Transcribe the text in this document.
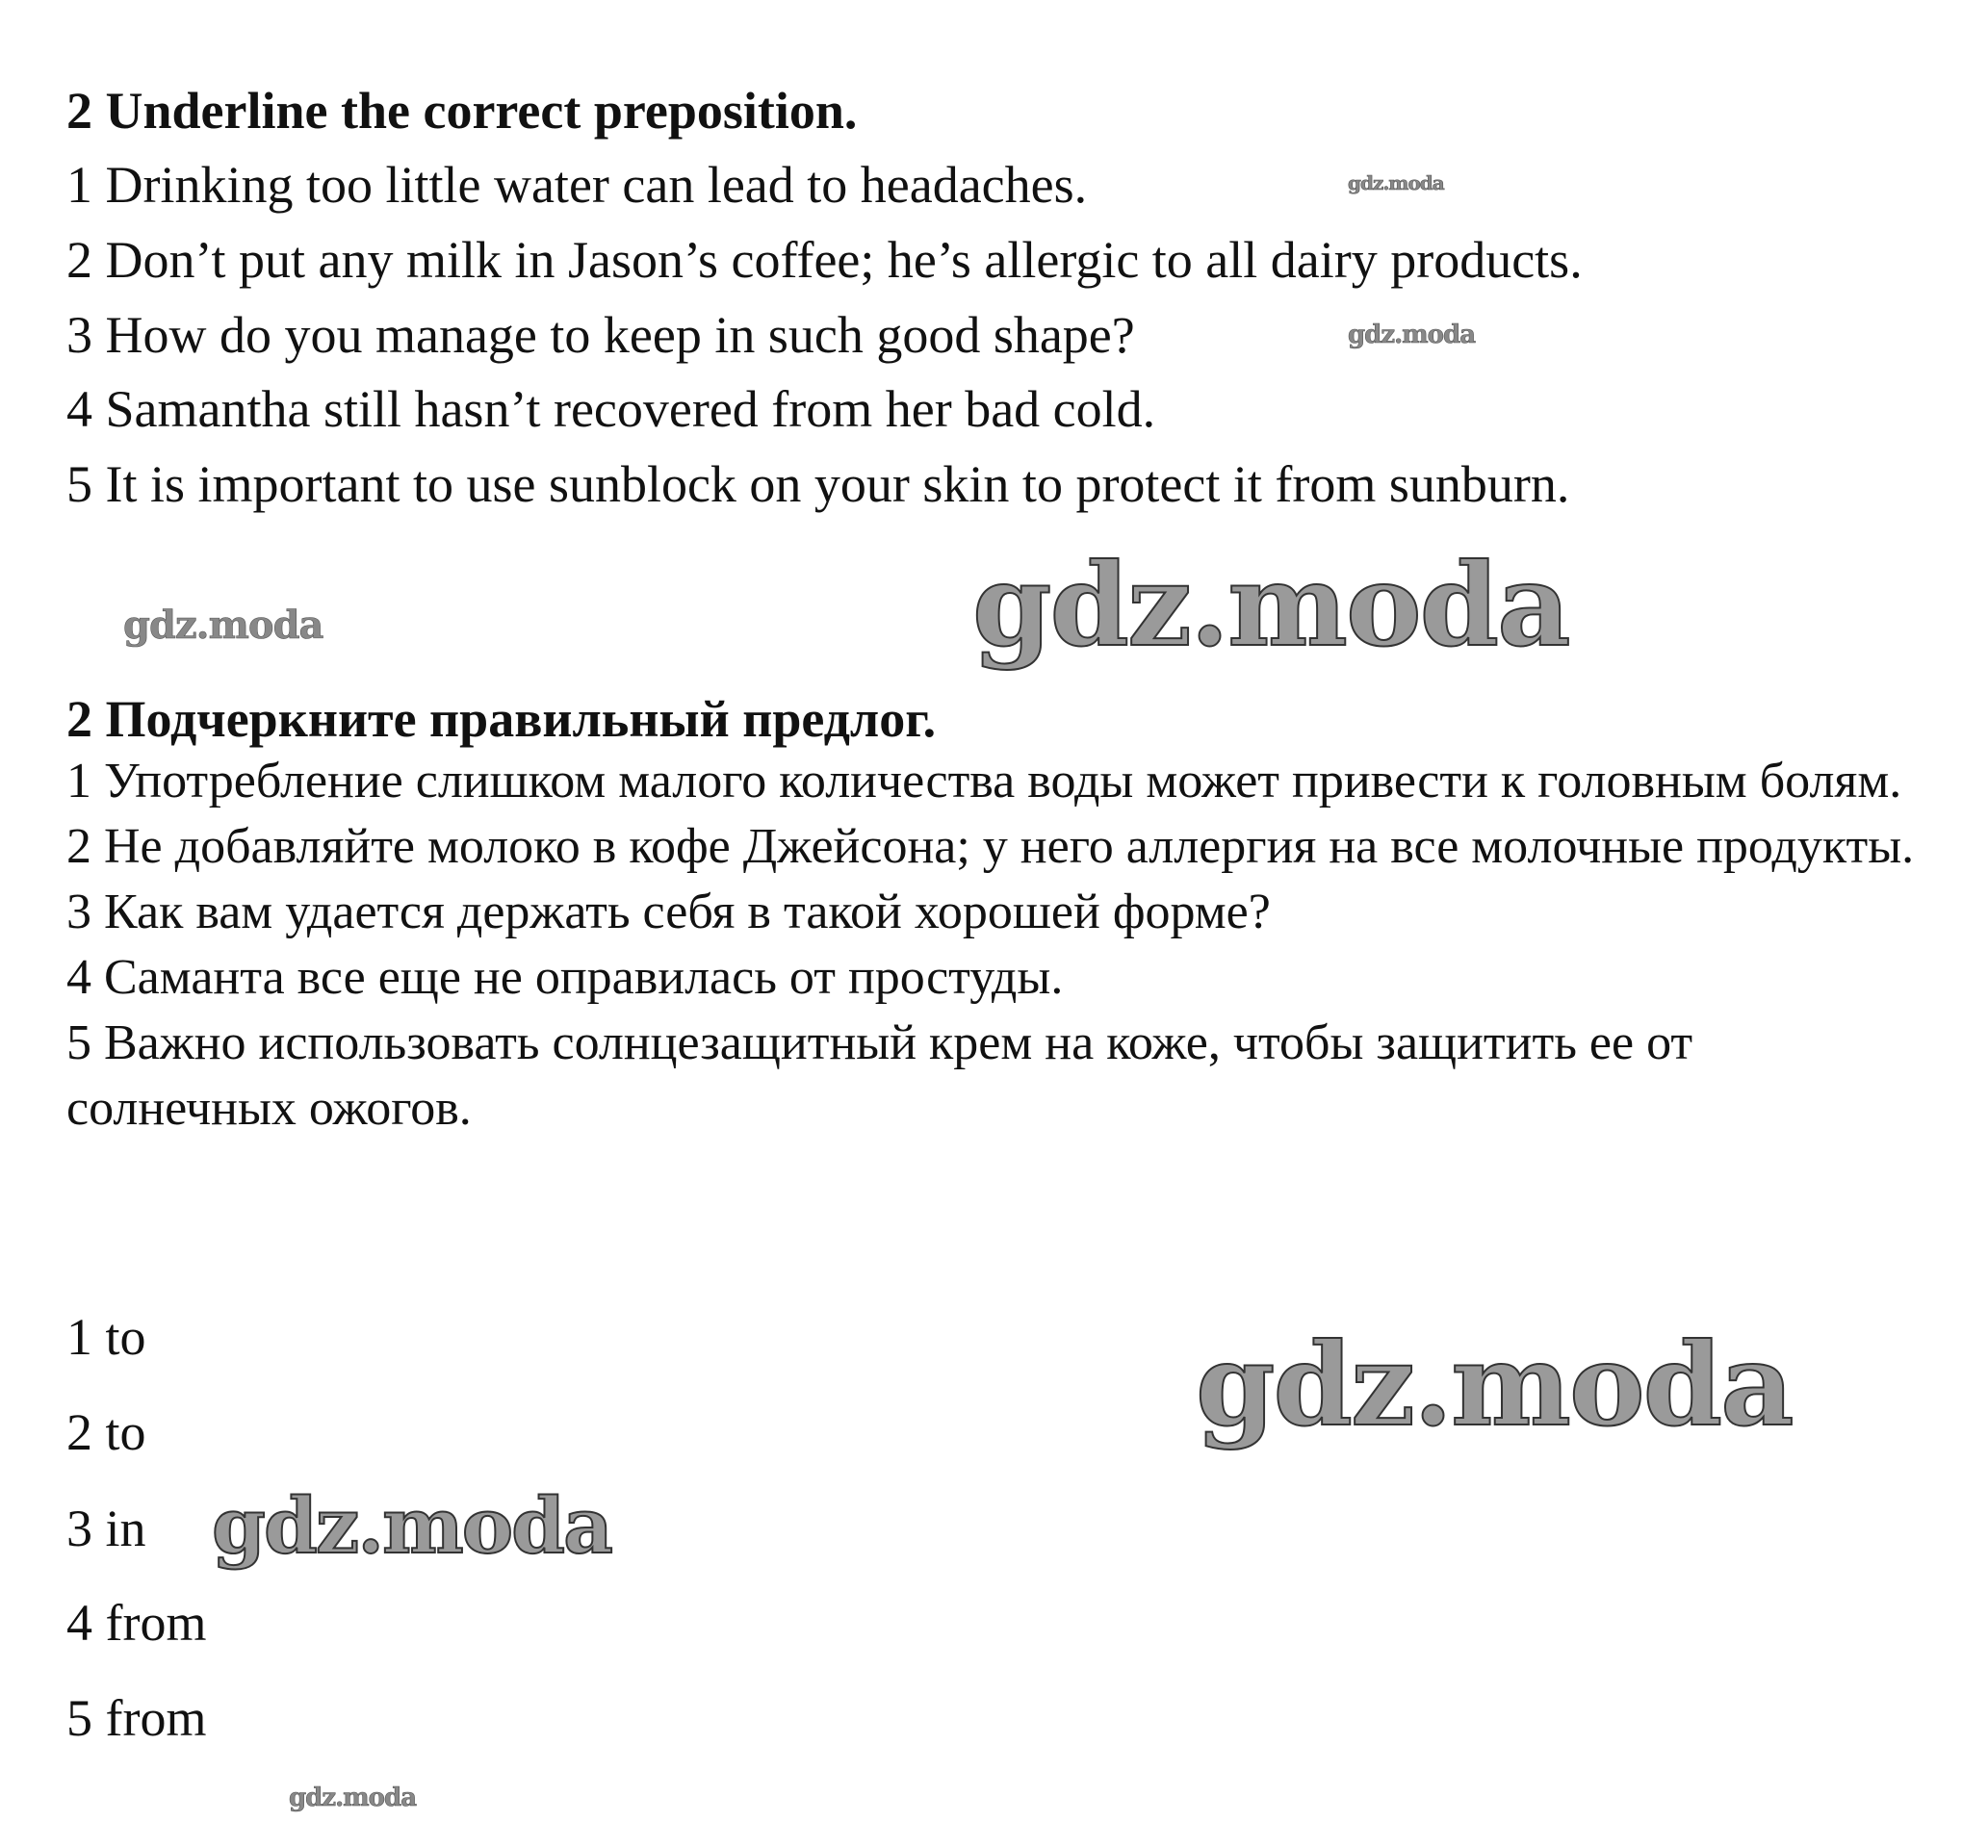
2 Underline the correct preposition.
1 Drinking too little water can lead to headaches.
2 Don’t put any milk in Jason’s coffee; he’s allergic to all dairy products.
3 How do you manage to keep in such good shape?
4 Samantha still hasn’t recovered from her bad cold.
5 It is important to use sunblock on your skin to protect it from sunburn.
2 Подчеркните правильный предлог.

1 Употребление слишком малого количества воды может привести к головным болям.

2 Не добавляйте молоко в кофе Джейсона; у него аллергия на все молочные продукты.

3 Как вам удается держать себя в такой хорошей форме?

4 Саманта все еще не оправилась от простуды.

5 Важно использовать солнцезащитный крем на коже, чтобы защитить ее от солнечных ожогов.

1 to
2 to
3 in
4 from
5 from
gdz.moda
gdz.moda
gdz.moda
gdz.moda
gdz.moda
gdz.moda
gdz.moda
